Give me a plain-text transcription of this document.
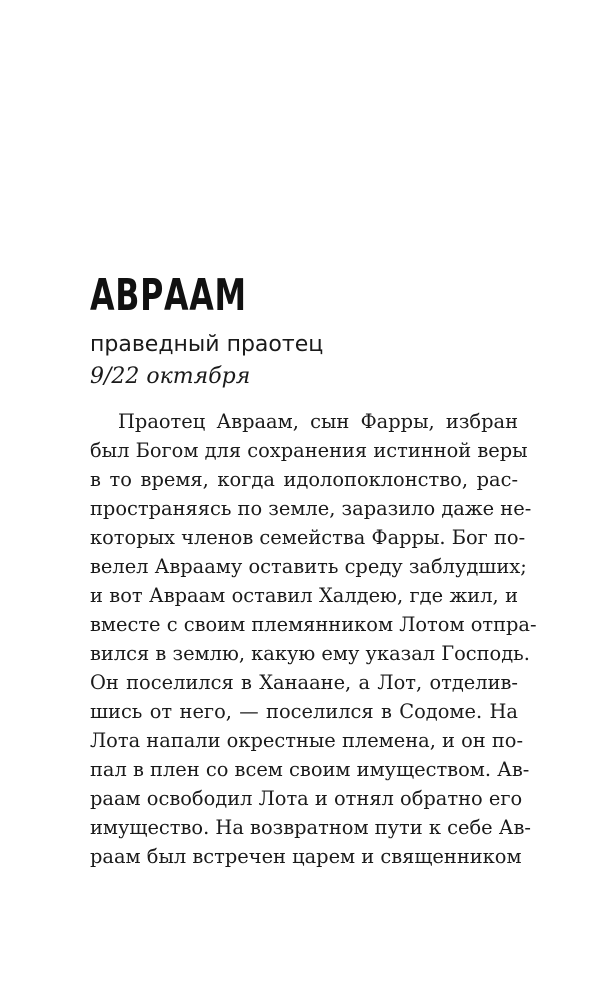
АВРААМ

праведный праотец

9/22 октября

Праотец Авраам, сын Фарры, избран
был Богом для сохранения истинной веры
в то время, когда идолопоклонство, рас-
пространяясь по земле, заразило даже не-
которых членов семейства Фарры. Бог по-
велел Аврааму оставить среду заблудших;
и вот Авраам оставил Халдею, где жил, и
вместе с своим племянником Лотом отпра-
вился в землю, какую ему указал Господь.
Он поселился в Ханаане, а Лот, отделив-
шись от него, — поселился в Содоме. На
Лота напали окрестные племена, и он по-
пал в плен со всем своим имуществом. Ав-
раам освободил Лота и отнял обратно его
имущество. На возвратном пути к себе Ав-
раам был встречен царем и священником
